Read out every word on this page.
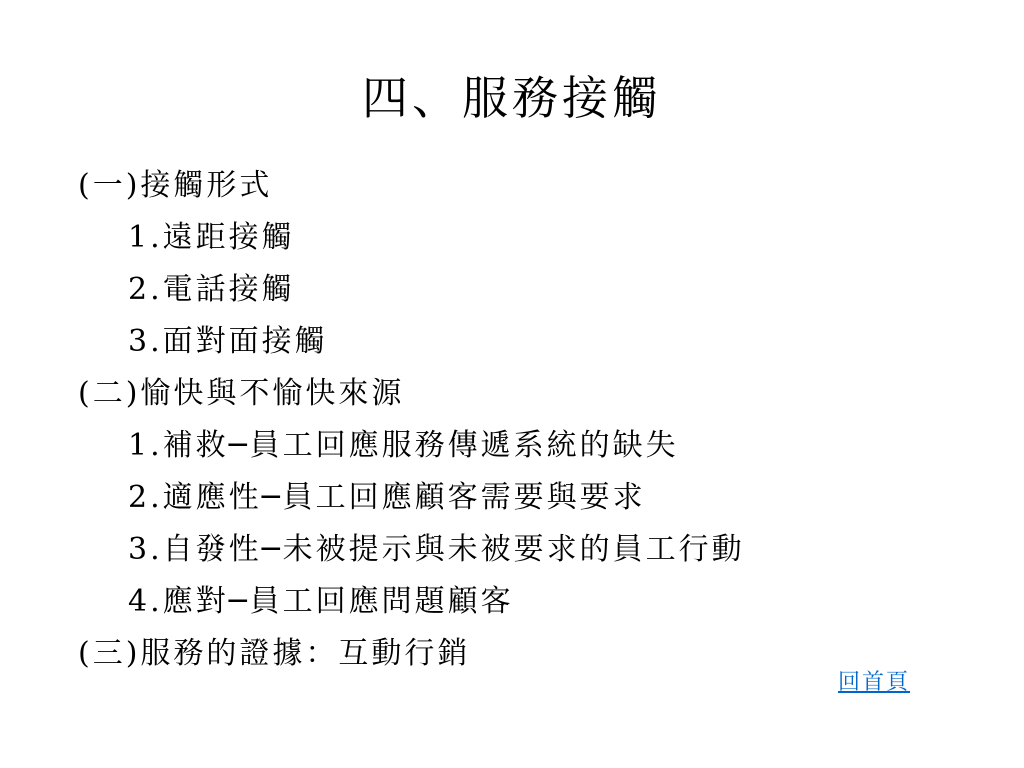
四、服務接觸
(一)接觸形式
1.遠距接觸
2.電話接觸
3.面對面接觸
(二)愉快與不愉快來源
1.補救─員工回應服務傳遞系統的缺失
2.適應性─員工回應顧客需要與要求
3.自發性─未被提示與未被要求的員工行動
4.應對─員工回應問題顧客
(三)服務的證據：互動行銷
回首頁
